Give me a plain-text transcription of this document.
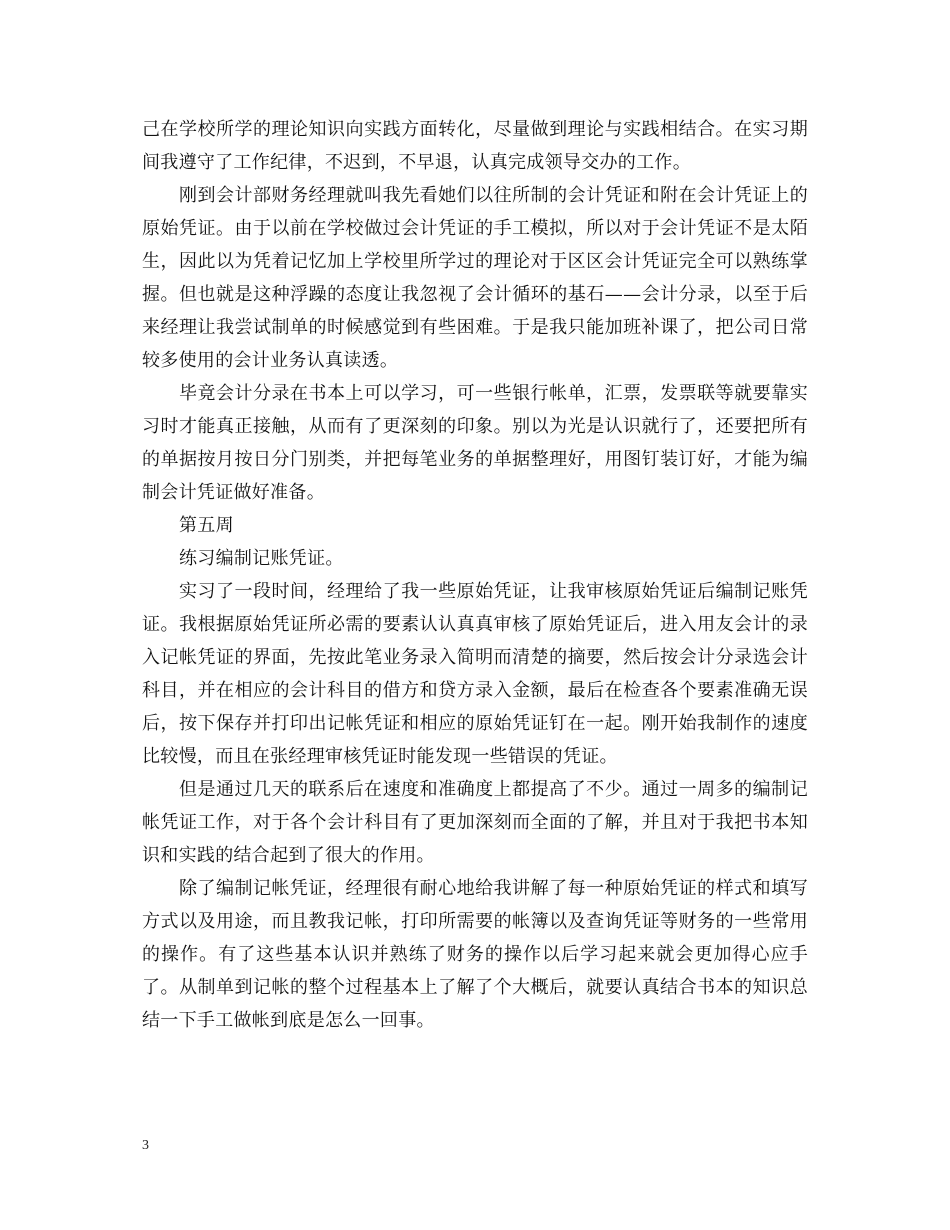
己在学校所学的理论知识向实践方面转化，尽量做到理论与实践相结合。在实习期间我遵守了工作纪律，不迟到，不早退，认真完成领导交办的工作。

刚到会计部财务经理就叫我先看她们以往所制的会计凭证和附在会计凭证上的原始凭证。由于以前在学校做过会计凭证的手工模拟，所以对于会计凭证不是太陌生，因此以为凭着记忆加上学校里所学过的理论对于区区会计凭证完全可以熟练掌握。但也就是这种浮躁的态度让我忽视了会计循环的基石——会计分录，以至于后来经理让我尝试制单的时候感觉到有些困难。于是我只能加班补课了，把公司日常较多使用的会计业务认真读透。

毕竟会计分录在书本上可以学习，可一些银行帐单，汇票，发票联等就要靠实习时才能真正接触，从而有了更深刻的印象。别以为光是认识就行了，还要把所有的单据按月按日分门别类，并把每笔业务的单据整理好，用图钉装订好，才能为编制会计凭证做好准备。

第五周

练习编制记账凭证。

实习了一段时间，经理给了我一些原始凭证，让我审核原始凭证后编制记账凭证。我根据原始凭证所必需的要素认认真真审核了原始凭证后，进入用友会计的录入记帐凭证的界面，先按此笔业务录入简明而清楚的摘要，然后按会计分录选会计科目，并在相应的会计科目的借方和贷方录入金额，最后在检查各个要素准确无误后，按下保存并打印出记帐凭证和相应的原始凭证钉在一起。刚开始我制作的速度比较慢，而且在张经理审核凭证时能发现一些错误的凭证。

但是通过几天的联系后在速度和准确度上都提高了不少。通过一周多的编制记帐凭证工作，对于各个会计科目有了更加深刻而全面的了解，并且对于我把书本知识和实践的结合起到了很大的作用。

除了编制记帐凭证，经理很有耐心地给我讲解了每一种原始凭证的样式和填写方式以及用途，而且教我记帐，打印所需要的帐簿以及查询凭证等财务的一些常用的操作。有了这些基本认识并熟练了财务的操作以后学习起来就会更加得心应手了。从制单到记帐的整个过程基本上了解了个大概后，就要认真结合书本的知识总结一下手工做帐到底是怎么一回事。

3
